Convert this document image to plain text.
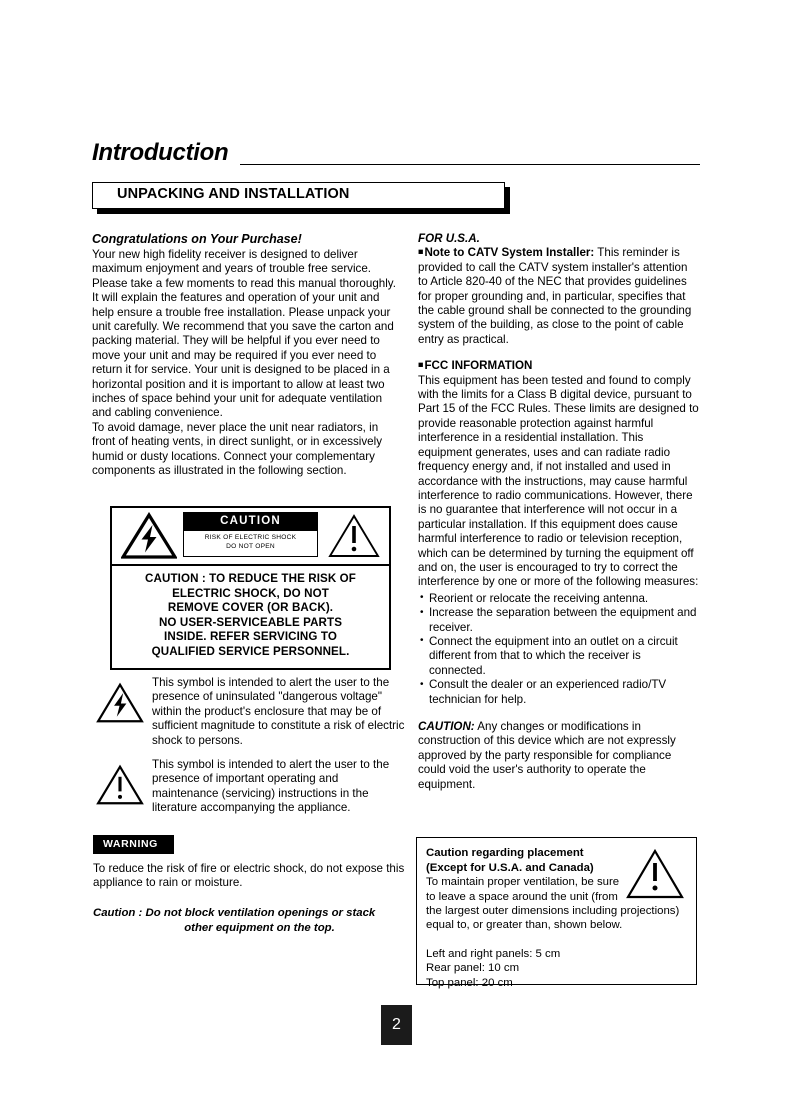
Introduction
UNPACKING AND INSTALLATION
Congratulations on Your Purchase!

Your new high fidelity receiver is designed to deliver maximum enjoyment and years of trouble free service. Please take a few moments to read this manual thoroughly. It will explain the features and operation of your unit and help ensure a trouble free installation. Please unpack your unit carefully. We recommend that you save the carton and packing material. They will be helpful if you ever need to move your unit and may be required if you ever need to return it for service. Your unit is designed to be placed in a horizontal position and it is important to allow at least two inches of space behind your unit for adequate ventilation and cabling convenience.

To avoid damage, never place the unit near radiators, in front of heating vents, in direct sunlight, or in excessively humid or dusty locations. Connect your complementary components as illustrated in the following section.

CAUTION
RISK OF ELECTRIC SHOCK
DO NOT OPEN
CAUTION : TO REDUCE THE RISK OF
ELECTRIC SHOCK, DO NOT
REMOVE COVER (OR BACK).
NO USER-SERVICEABLE PARTS
INSIDE. REFER SERVICING TO
QUALIFIED SERVICE PERSONNEL.
This symbol is intended to alert the user to the presence of uninsulated "dangerous voltage" within the product's enclosure that may be of sufficient magnitude to constitute a risk of electric shock to persons.
This symbol is intended to alert the user to the presence of important operating and maintenance (servicing) instructions in the literature accompanying the appliance.
WARNING
To reduce the risk of fire or electric shock, do not expose this appliance to rain or moisture.
Caution : Do not block ventilation openings or stack
other equipment on the top.
FOR U.S.A.

■Note to CATV System Installer: This reminder is provided to call the CATV system installer's attention to Article 820-40 of the NEC that provides guidelines for proper grounding and, in particular, specifies that the cable ground shall be connected to the grounding system of the building, as close to the point of cable entry as practical.

■FCC INFORMATION

This equipment has been tested and found to comply with the limits for a Class B digital device, pursuant to Part 15 of the FCC Rules. These limits are designed to provide reasonable protection against harmful interference in a residential installation. This equipment generates, uses and can radiate radio frequency energy and, if not installed and used in accordance with the instructions, may cause harmful interference to radio communications. However, there is no guarantee that interference will not occur in a particular installation. If this equipment does cause harmful interference to radio or television reception, which can be determined by turning the equipment off and on, the user is encouraged to try to correct the interference by one or more of the following measures:

• Reorient or relocate the receiving antenna.
• Increase the separation between the equipment and receiver.
• Connect the equipment into an outlet on a circuit different from that to which the receiver is connected.
• Consult the dealer or an experienced radio/TV technician for help.

CAUTION: Any changes or modifications in construction of this device which are not expressly approved by the party responsible for compliance could void the user's authority to operate the equipment.

Caution regarding placement
(Except for U.S.A. and Canada)
To maintain proper ventilation, be sure
to leave a space around the unit (from
the largest outer dimensions including projections)
equal to, or greater than, shown below.
Left and right panels: 5 cm
Rear panel: 10 cm
Top panel: 20 cm
2
